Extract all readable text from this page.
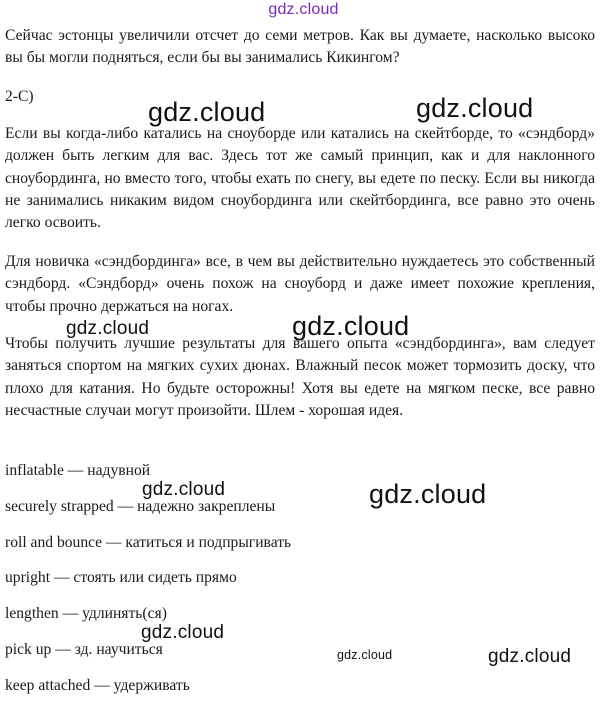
gdz.cloud

Сейчас эстонцы увеличили отсчет до семи метров. Как вы думаете, насколько высоко вы бы могли подняться, если бы вы занимались Кикингом?

2-C)

Если вы когда-либо катались на сноуборде или катались на скейтборде, то «сэндборд» должен быть легким для вас. Здесь тот же самый принцип, как и для наклонного сноубординга, но вместо того, чтобы ехать по снегу, вы едете по песку. Если вы никогда не занимались никаким видом сноубординга или скейтбординга, все равно это очень легко освоить.

Для новичка «сэндбординга» все, в чем вы действительно нуждаетесь это собственный сэндборд. «Сэндборд» очень похож на сноуборд и даже имеет похожие крепления, чтобы прочно держаться на ногах.

Чтобы получить лучшие результаты для вашего опыта «сэндбординга», вам следует заняться спортом на мягких сухих дюнах. Влажный песок может тормозить доску, что плохо для катания. Но будьте осторожны! Хотя вы едете на мягком песке, все равно несчастные случаи могут произойти. Шлем - хорошая идея.

inflatable — надувной

securely strapped — надежно закреплены

roll and bounce — катиться и подпрыгивать

upright — стоять или сидеть прямо

lengthen — удлинять(ся)

pick up — зд. научиться

keep attached — удерживать

gdz.cloud	gdz.cloud
gdz.cloud	gdz.cloud
gdz.cloud	gdz.cloud
gdz.cloud
gdz.cloud	gdz.cloud
